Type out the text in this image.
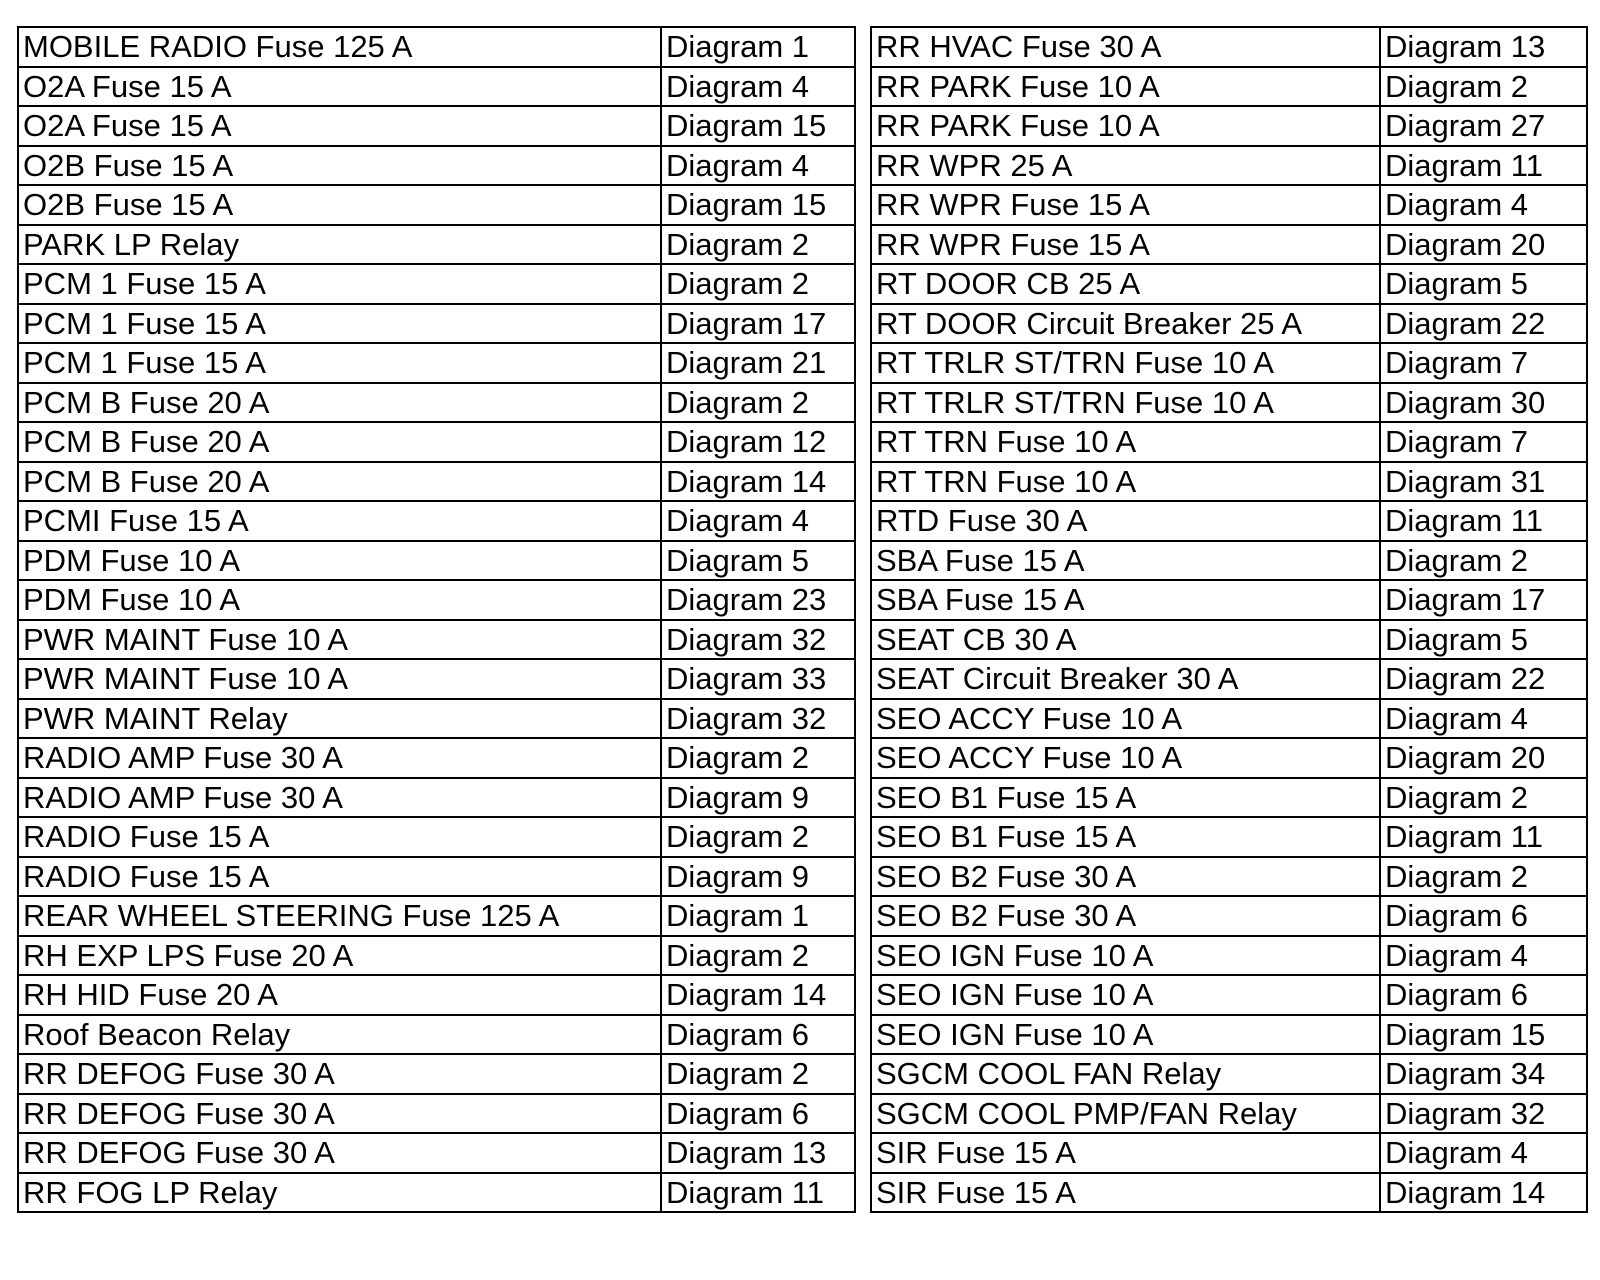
MOBILE RADIO Fuse 125 A	Diagram 1
O2A Fuse 15 A	Diagram 4
O2A Fuse 15 A	Diagram 15
O2B Fuse 15 A	Diagram 4
O2B Fuse 15 A	Diagram 15
PARK LP Relay	Diagram 2
PCM 1 Fuse 15 A	Diagram 2
PCM 1 Fuse 15 A	Diagram 17
PCM 1 Fuse 15 A	Diagram 21
PCM B Fuse 20 A	Diagram 2
PCM B Fuse 20 A	Diagram 12
PCM B Fuse 20 A	Diagram 14
PCMI Fuse 15 A	Diagram 4
PDM Fuse 10 A	Diagram 5
PDM Fuse 10 A	Diagram 23
PWR MAINT Fuse 10 A	Diagram 32
PWR MAINT Fuse 10 A	Diagram 33
PWR MAINT Relay	Diagram 32
RADIO AMP Fuse 30 A	Diagram 2
RADIO AMP Fuse 30 A	Diagram 9
RADIO Fuse 15 A	Diagram 2
RADIO Fuse 15 A	Diagram 9
REAR WHEEL STEERING Fuse 125 A	Diagram 1
RH EXP LPS Fuse 20 A	Diagram 2
RH HID Fuse 20 A	Diagram 14
Roof Beacon Relay	Diagram 6
RR DEFOG Fuse 30 A	Diagram 2
RR DEFOG Fuse 30 A	Diagram 6
RR DEFOG Fuse 30 A	Diagram 13
RR FOG LP Relay	Diagram 11
RR HVAC Fuse 30 A	Diagram 13
RR PARK Fuse 10 A	Diagram 2
RR PARK Fuse 10 A	Diagram 27
RR WPR 25 A	Diagram 11
RR WPR Fuse 15 A	Diagram 4
RR WPR Fuse 15 A	Diagram 20
RT DOOR CB 25 A	Diagram 5
RT DOOR Circuit Breaker 25 A	Diagram 22
RT TRLR ST/TRN Fuse 10 A	Diagram 7
RT TRLR ST/TRN Fuse 10 A	Diagram 30
RT TRN Fuse 10 A	Diagram 7
RT TRN Fuse 10 A	Diagram 31
RTD Fuse 30 A	Diagram 11
SBA Fuse 15 A	Diagram 2
SBA Fuse 15 A	Diagram 17
SEAT CB 30 A	Diagram 5
SEAT Circuit Breaker 30 A	Diagram 22
SEO ACCY Fuse 10 A	Diagram 4
SEO ACCY Fuse 10 A	Diagram 20
SEO B1 Fuse 15 A	Diagram 2
SEO B1 Fuse 15 A	Diagram 11
SEO B2 Fuse 30 A	Diagram 2
SEO B2 Fuse 30 A	Diagram 6
SEO IGN Fuse 10 A	Diagram 4
SEO IGN Fuse 10 A	Diagram 6
SEO IGN Fuse 10 A	Diagram 15
SGCM COOL FAN Relay	Diagram 34
SGCM COOL PMP/FAN Relay	Diagram 32
SIR Fuse 15 A	Diagram 4
SIR Fuse 15 A	Diagram 14
